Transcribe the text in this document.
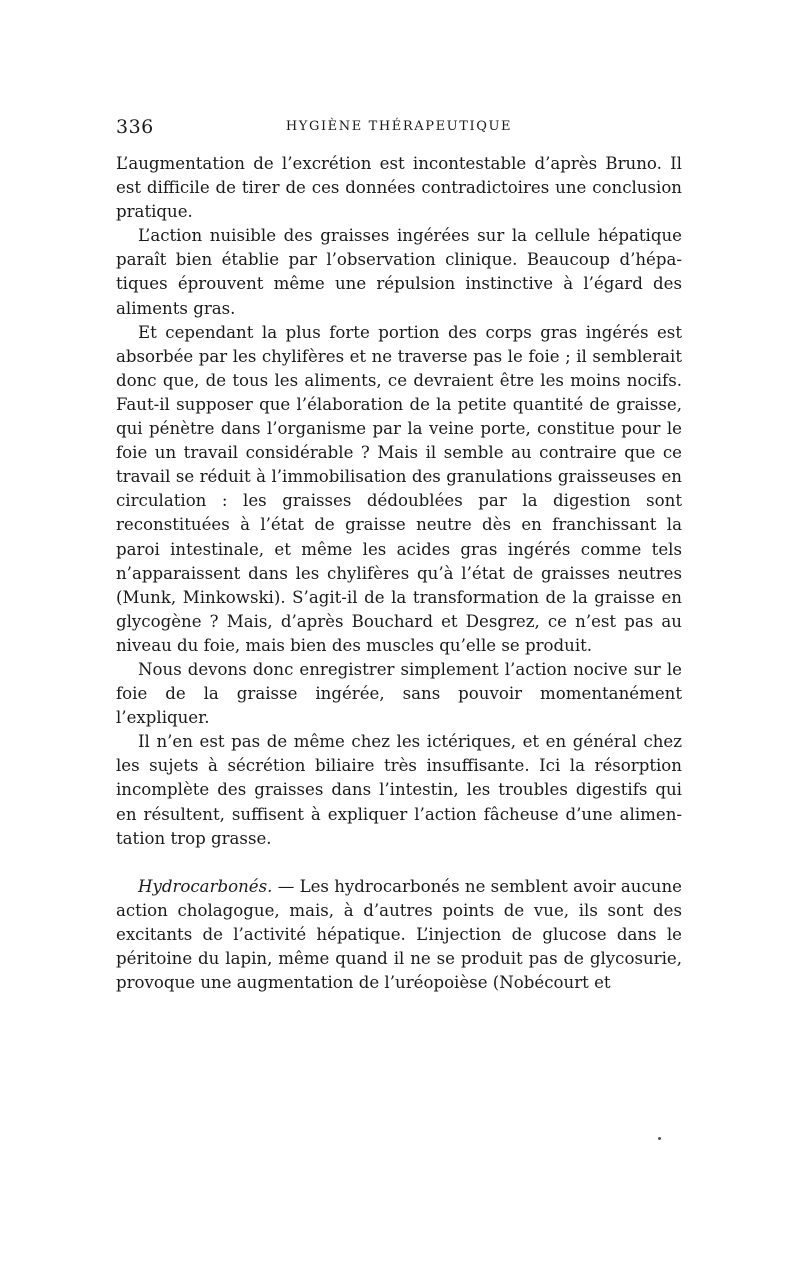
336	HYGIÈNE THÉRAPEUTIQUE

L’augmentation de l’excrétion est incontestable d’après Bruno. Il est difficile de tirer de ces données contradictoires une conclusion pratique.

L’action nuisible des graisses ingérées sur la cellule hépatique paraît bien établie par l’observation clinique. Beaucoup d’hépatiques éprouvent même une répulsion instinctive à l’égard des aliments gras.

Et cependant la plus forte portion des corps gras ingérés est absorbée par les chylifères et ne traverse pas le foie ; il semblerait donc que, de tous les aliments, ce devraient être les moins nocifs. Faut-il supposer que l’élaboration de la petite quantité de graisse, qui pénètre dans l’organisme par la veine porte, constitue pour le foie un travail considérable ? Mais il semble au contraire que ce travail se réduit à l’immobilisation des granulations graisseuses en circulation : les graisses dédoublées par la digestion sont reconstituées à l’état de graisse neutre dès en franchissant la paroi intestinale, et même les acides gras ingérés comme tels n’apparaissent dans les chylifères qu’à l’état de graisses neutres (Munk, Minkowski). S’agit-il de la transformation de la graisse en glycogène ? Mais, d’après Bouchard et Desgrez, ce n’est pas au niveau du foie, mais bien des muscles qu’elle se produit.

Nous devons donc enregistrer simplement l’action nocive sur le foie de la graisse ingérée, sans pouvoir momentanément l’expliquer.

Il n’en est pas de même chez les ictériques, et en général chez les sujets à sécrétion biliaire très insuffisante. Ici la résorption incomplète des graisses dans l’intestin, les troubles digestifs qui en résultent, suffisent à expliquer l’action fâcheuse d’une alimentation trop grasse.

Hydrocarbonés. — Les hydrocarbonés ne semblent avoir aucune action cholagogue, mais, à d’autres points de vue, ils sont des excitants de l’activité hépatique. L’injection de glucose dans le péritoine du lapin, même quand il ne se produit pas de glycosurie, provoque une augmentation de l’uréopoièse (Nobécourt et
